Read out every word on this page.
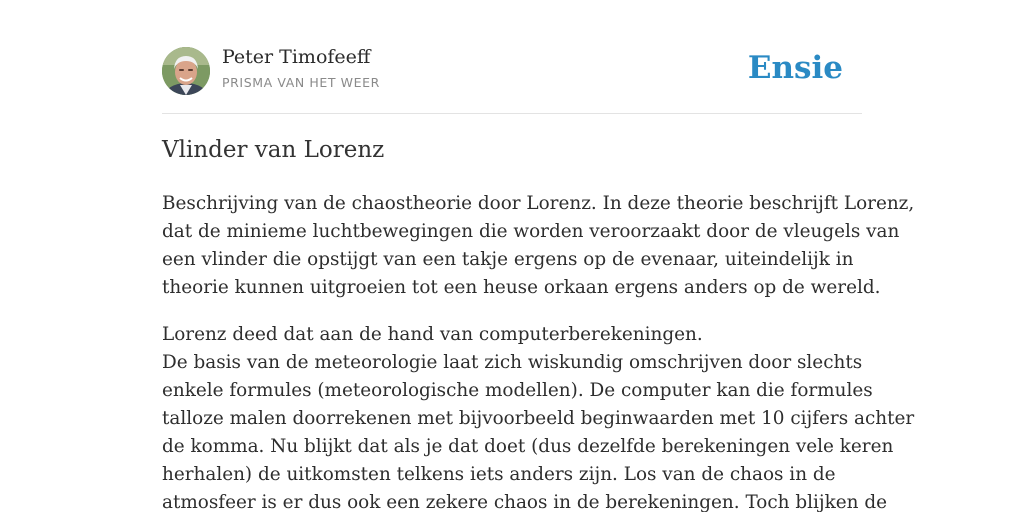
Peter Timofeeff
PRISMA VAN HET WEER	Ensie
Vlinder van Lorenz

Beschrijving van de chaostheorie door Lorenz. In deze theorie beschrijft Lorenz,
dat de minieme luchtbewegingen die worden veroorzaakt door de vleugels van
een vlinder die opstijgt van een takje ergens op de evenaar, uiteindelijk in
theorie kunnen uitgroeien tot een heuse orkaan ergens anders op de wereld.

Lorenz deed dat aan de hand van computerberekeningen.
De basis van de meteorologie laat zich wiskundig omschrijven door slechts
enkele formules (meteorologische modellen). De computer kan die formules
talloze malen doorrekenen met bijvoorbeeld beginwaarden met 10 cijfers achter
de komma. Nu blijkt dat als je dat doet (dus dezelfde berekeningen vele keren
herhalen) de uitkomsten telkens iets anders zijn. Los van de chaos in de
atmosfeer is er dus ook een zekere chaos in de berekeningen. Toch blijken de
